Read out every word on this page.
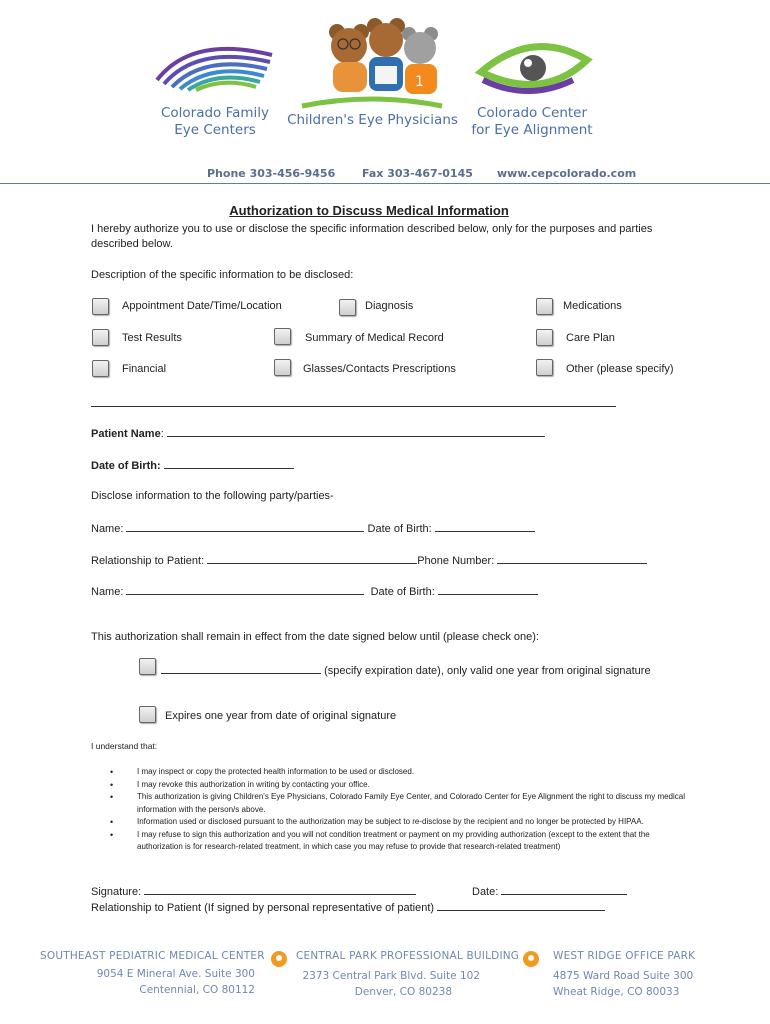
Colorado Family
Eye Centers
1
Children's Eye Physicians	Colorado Center
for Eye Alignment
Phone 303-456-9456 Fax 303-467-0145 www.cepcolorado.com
Authorization to Discuss Medical Information
I hereby authorize you to use or disclose the specific information described below, only for the purposes and parties described below.
Description of the specific information to be disclosed:
Appointment Date/Time/Location	Diagnosis	Medications
Test Results	Summary of Medical Record	Care Plan
Financial	Glasses/Contacts Prescriptions	Other (please specify)
Patient Name:
Date of Birth:
Disclose information to the following party/parties-
Name:	Date of Birth:
Relationship to Patient:	Phone Number:
Name:	Date of Birth:
This authorization shall remain in effect from the date signed below until (please check one):
(specify expiration date), only valid one year from original signature
Expires one year from date of original signature
I understand that:
• I may inspect or copy the protected health information to be used or disclosed.
• I may revoke this authorization in writing by contacting your office.
• This authorization is giving Children's Eye Physicians, Colorado Family Eye Center, and Colorado Center for Eye Alignment the right to discuss my medical information with the person/s above.
• Information used or disclosed pursuant to the authorization may be subject to re-disclose by the recipient and no longer be protected by HIPAA.
• I may refuse to sign this authorization and you will not condition treatment or payment on my providing authorization (except to the extent that the authorization is for research-related treatment, in which case you may refuse to provide that research-related treatment)
Signature:	Date:
Relationship to Patient (If signed by personal representative of patient)
SOUTHEAST PEDIATRIC MEDICAL CENTER
9054 E Mineral Ave. Suite 300
Centennial, CO 80112
CENTRAL PARK PROFESSIONAL BUILDING
2373 Central Park Blvd. Suite 102
Denver, CO 80238
WEST RIDGE OFFICE PARK
4875 Ward Road Suite 300
Wheat Ridge, CO 80033
